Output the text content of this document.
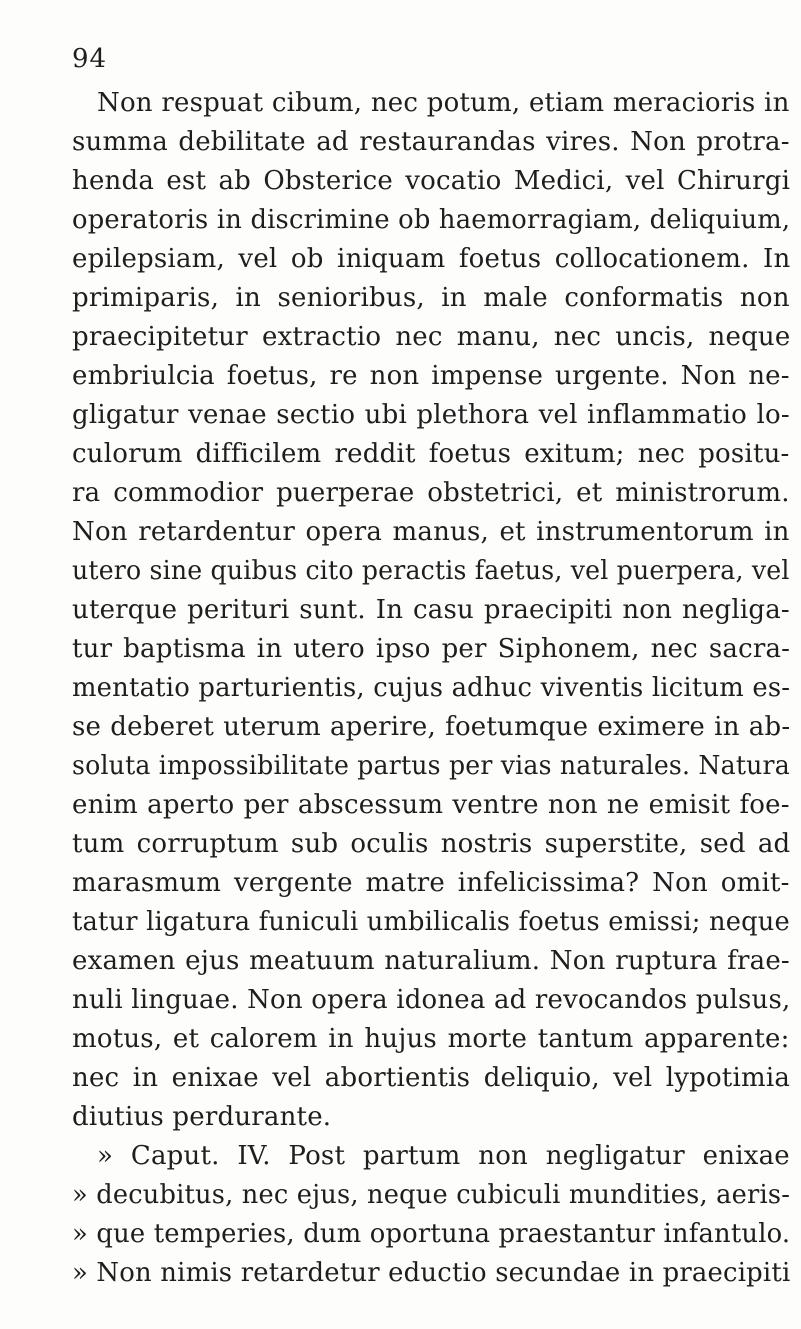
94
Non respuat cibum, nec potum, etiam meracioris in
summa debilitate ad restaurandas vires. Non protra-
henda est ab Obsterice vocatio Medici, vel Chirurgi
operatoris in discrimine ob haemorragiam, deliquium,
epilepsiam, vel ob iniquam foetus collocationem. In
primiparis, in senioribus, in male conformatis non
praecipitetur extractio nec manu, nec uncis, neque
embriulcia foetus, re non impense urgente. Non ne-
gligatur venae sectio ubi plethora vel inflammatio lo-
culorum difficilem reddit foetus exitum; nec positu-
ra commodior puerperae obstetrici, et ministrorum.
Non retardentur opera manus, et instrumentorum in
utero sine quibus cito peractis faetus, vel puerpera, vel
uterque perituri sunt. In casu praecipiti non negliga-
tur baptisma in utero ipso per Siphonem, nec sacra-
mentatio parturientis, cujus adhuc viventis licitum es-
se deberet uterum aperire, foetumque eximere in ab-
soluta impossibilitate partus per vias naturales. Natura
enim aperto per abscessum ventre non ne emisit foe-
tum corruptum sub oculis nostris superstite, sed ad
marasmum vergente matre infelicissima? Non omit-
tatur ligatura funiculi umbilicalis foetus emissi; neque
examen ejus meatuum naturalium. Non ruptura frae-
nuli linguae. Non opera idonea ad revocandos pulsus,
motus, et calorem in hujus morte tantum apparente:
nec in enixae vel abortientis deliquio, vel lypotimia
diutius perdurante.
» Caput. IV. Post partum non negligatur enixae
» decubitus, nec ejus, neque cubiculi mundities, aeris-
» que temperies, dum oportuna praestantur infantulo.
» Non nimis retardetur eductio secundae in praecipiti
